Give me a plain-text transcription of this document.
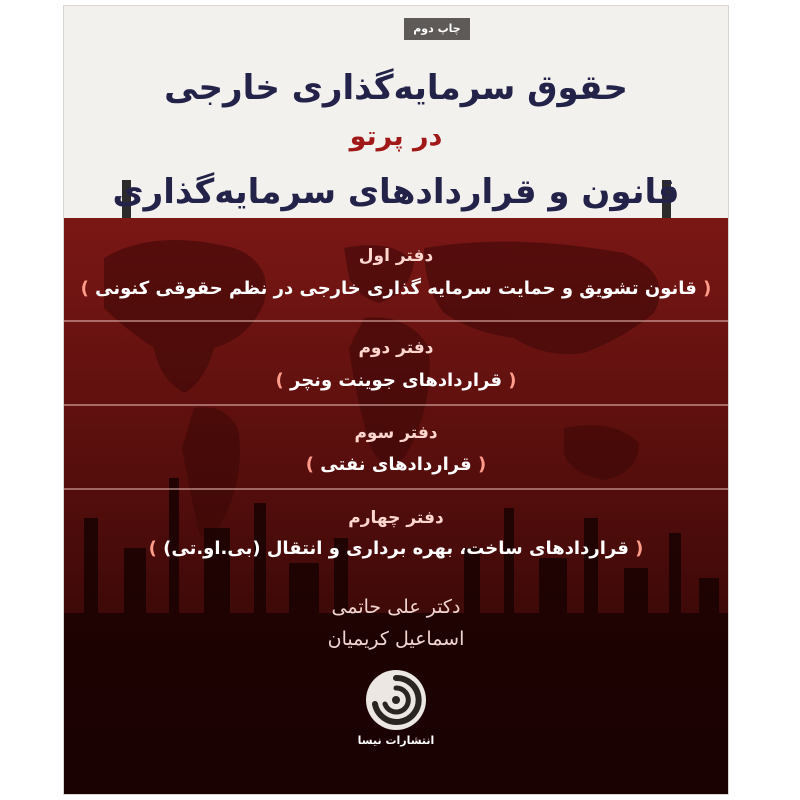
چاپ دوم
حقوق سرمایه‌گذاری خارجی
در پرتو
قانون و قراردادهای سرمایه‌گذاری
دفتر اول
( قانون تشویق و حمایت سرمایه گذاری خارجی در نظم حقوقی کنونی )
دفتر دوم
( قراردادهای جوینت ونچر )
دفتر سوم
( قراردادهای نفتی )
دفتر چهارم
( قراردادهای ساخت، بهره برداری و انتقال (بی.او.تی) )
دکتر علی حاتمی
اسماعیل کریمیان
انتشارات نیسا
